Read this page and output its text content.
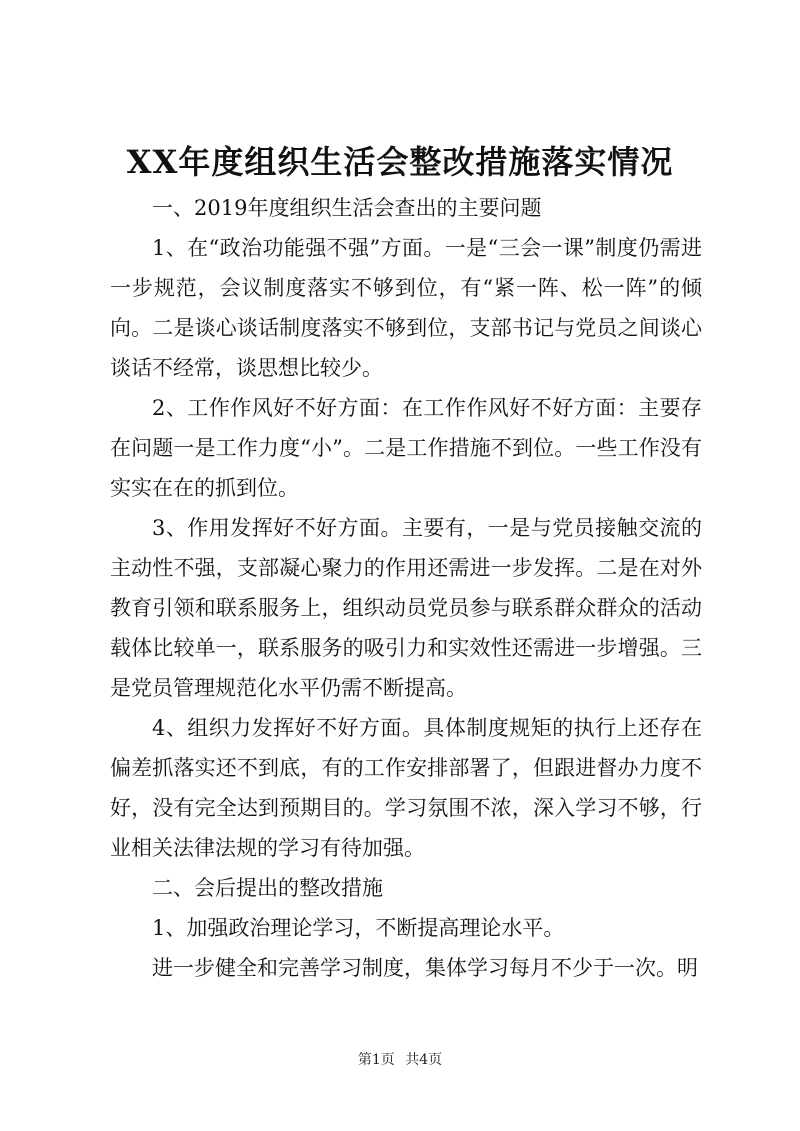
XX年度组织生活会整改措施落实情况

一、2019年度组织生活会查出的主要问题

1、在“政治功能强不强”方面。一是“三会一课”制度仍需进一步规范，会议制度落实不够到位，有“紧一阵、松一阵”的倾向。二是谈心谈话制度落实不够到位，支部书记与党员之间谈心谈话不经常，谈思想比较少。

2、工作作风好不好方面：在工作作风好不好方面：主要存在问题一是工作力度“小”。二是工作措施不到位。一些工作没有实实在在的抓到位。

3、作用发挥好不好方面。主要有，一是与党员接触交流的主动性不强，支部凝心聚力的作用还需进一步发挥。二是在对外教育引领和联系服务上，组织动员党员参与联系群众群众的活动载体比较单一，联系服务的吸引力和实效性还需进一步增强。三是党员管理规范化水平仍需不断提高。

4、组织力发挥好不好方面。具体制度规矩的执行上还存在偏差抓落实还不到底，有的工作安排部署了，但跟进督办力度不好，没有完全达到预期目的。学习氛围不浓，深入学习不够，行业相关法律法规的学习有待加强。

二、会后提出的整改措施

1、加强政治理论学习，不断提高理论水平。

进一步健全和完善学习制度，集体学习每月不少于一次。明

第1页 共4页
